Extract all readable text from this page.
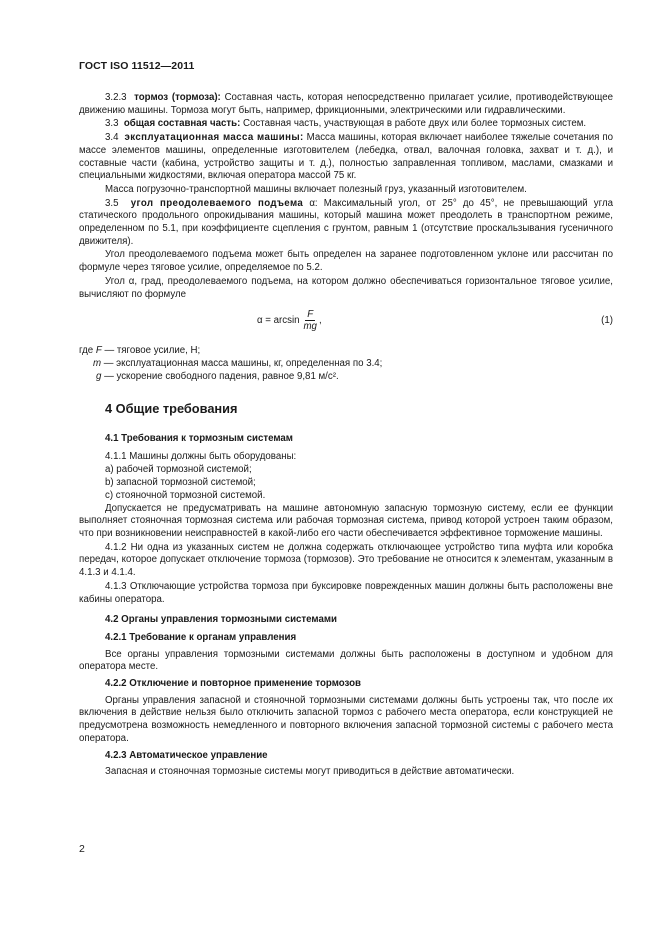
ГОСТ ISO 11512—2011

3.2.3 тормоз (тормоза): Составная часть, которая непосредственно прилагает усилие, противодействующее движению машины. Тормоза могут быть, например, фрикционными, электрическими или гидравлическими.

3.3 общая составная часть: Составная часть, участвующая в работе двух или более тормозных систем.

3.4 эксплуатационная масса машины: Масса машины, которая включает наиболее тяжелые сочетания по массе элементов машины, определенные изготовителем (лебедка, отвал, валочная головка, захват и т. д.), и составные части (кабина, устройство защиты и т. д.), полностью заправленная топливом, маслами, смазками и специальными жидкостями, включая оператора массой 75 кг.

Масса погрузочно-транспортной машины включает полезный груз, указанный изготовителем.

3.5 угол преодолеваемого подъема α: Максимальный угол, от 25° до 45°, не превышающий угла статического продольного опрокидывания машины, который машина может преодолеть в транспортном режиме, определенном по 5.1, при коэффициенте сцепления с грунтом, равным 1 (отсутствие проскальзывания гусеничного движителя).

Угол преодолеваемого подъема может быть определен на заранее подготовленном уклоне или рассчитан по формуле через тяговое усилие, определяемое по 5.2.

Угол α, град, преодолеваемого подъема, на котором должно обеспечиваться горизонтальное тяговое усилие, вычисляют по формуле

$\alpha = \arcsin \frac{F}{mg}$ ,	(1)

где F — тяговое усилие, Н;

m — эксплуатационная масса машины, кг, определенная по 3.4;

g — ускорение свободного падения, равное 9,81 м/с².

4 Общие требования
4.1 Требования к тормозным системам

4.1.1 Машины должны быть оборудованы:

a) рабочей тормозной системой;

b) запасной тормозной системой;

c) стояночной тормозной системой.

Допускается не предусматривать на машине автономную запасную тормозную систему, если ее функции выполняет стояночная тормозная система или рабочая тормозная система, привод которой устроен таким образом, что при возникновении неисправностей в какой-либо его части обеспечивается эффективное торможение машины.

4.1.2 Ни одна из указанных систем не должна содержать отключающее устройство типа муфта или коробка передач, которое допускает отключение тормоза (тормозов). Это требование не относится к элементам, указанным в 4.1.3 и 4.1.4.

4.1.3 Отключающие устройства тормоза при буксировке поврежденных машин должны быть расположены вне кабины оператора.

4.2 Органы управления тормозными системами
4.2.1 Требование к органам управления

Все органы управления тормозными системами должны быть расположены в доступном и удобном для оператора месте.

4.2.2 Отключение и повторное применение тормозов

Органы управления запасной и стояночной тормозными системами должны быть устроены так, что после их включения в действие нельзя было отключить запасной тормоз с рабочего места оператора, если конструкцией не предусмотрена возможность немедленного и повторного включения запасной тормозной системы с рабочего места оператора.

4.2.3 Автоматическое управление

Запасная и стояночная тормозные системы могут приводиться в действие автоматически.

2
